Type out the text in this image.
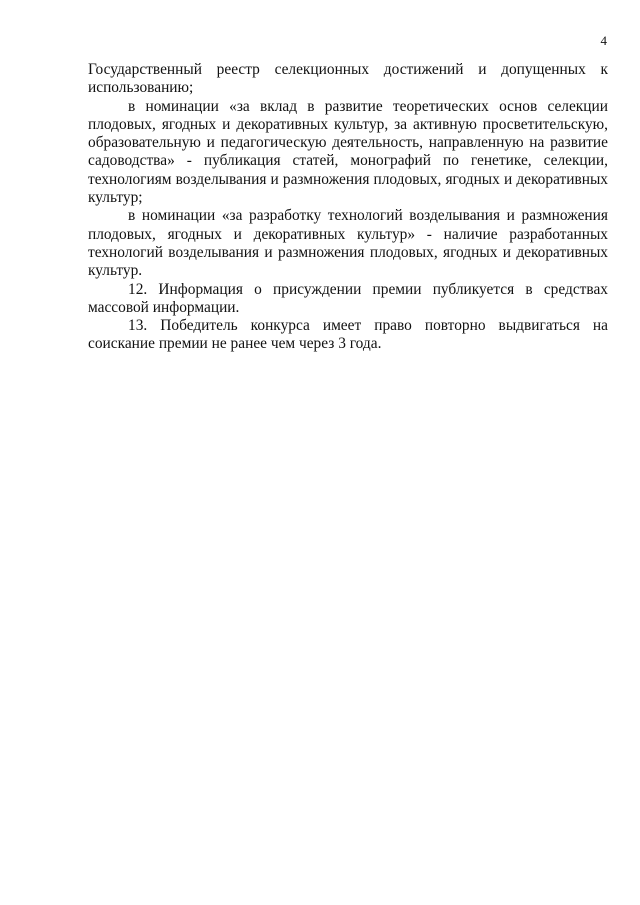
4

Государственный реестр селекционных достижений и допущенных к использованию;

в номинации «за вклад в развитие теоретических основ селекции плодовых, ягодных и декоративных культур, за активную просветительскую, образовательную и педагогическую деятельность, направленную на развитие садоводства» - публикация статей, монографий по генетике, селекции, технологиям возделывания и размножения плодовых, ягодных и декоративных культур;

в номинации «за разработку технологий возделывания и размножения плодовых, ягодных и декоративных культур» - наличие разработанных технологий возделывания и размножения плодовых, ягодных и декоративных культур.

12. Информация о присуждении премии публикуется в средствах массовой информации.

13. Победитель конкурса имеет право повторно выдвигаться на соискание премии не ранее чем через 3 года.
